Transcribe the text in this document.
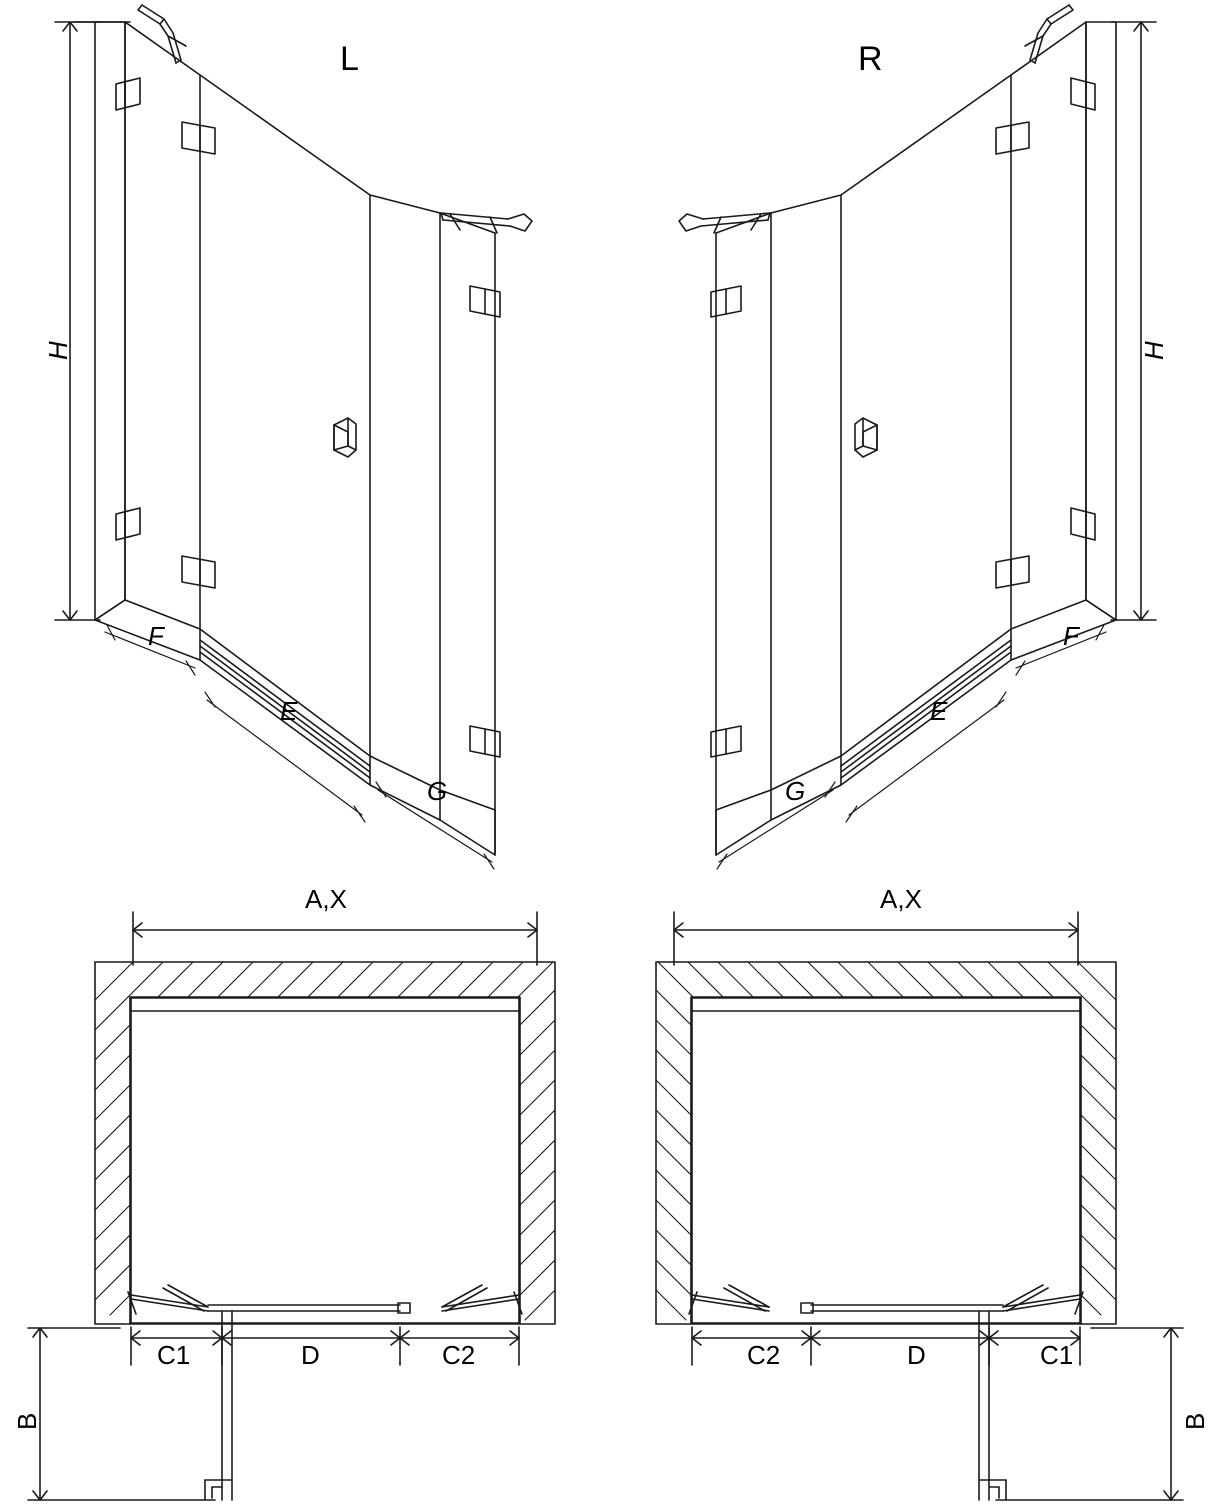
L
H
F
E
G
R
H
F
E
G
A,X
C1	D	C2
B
A,X
C2	D	C1
B
